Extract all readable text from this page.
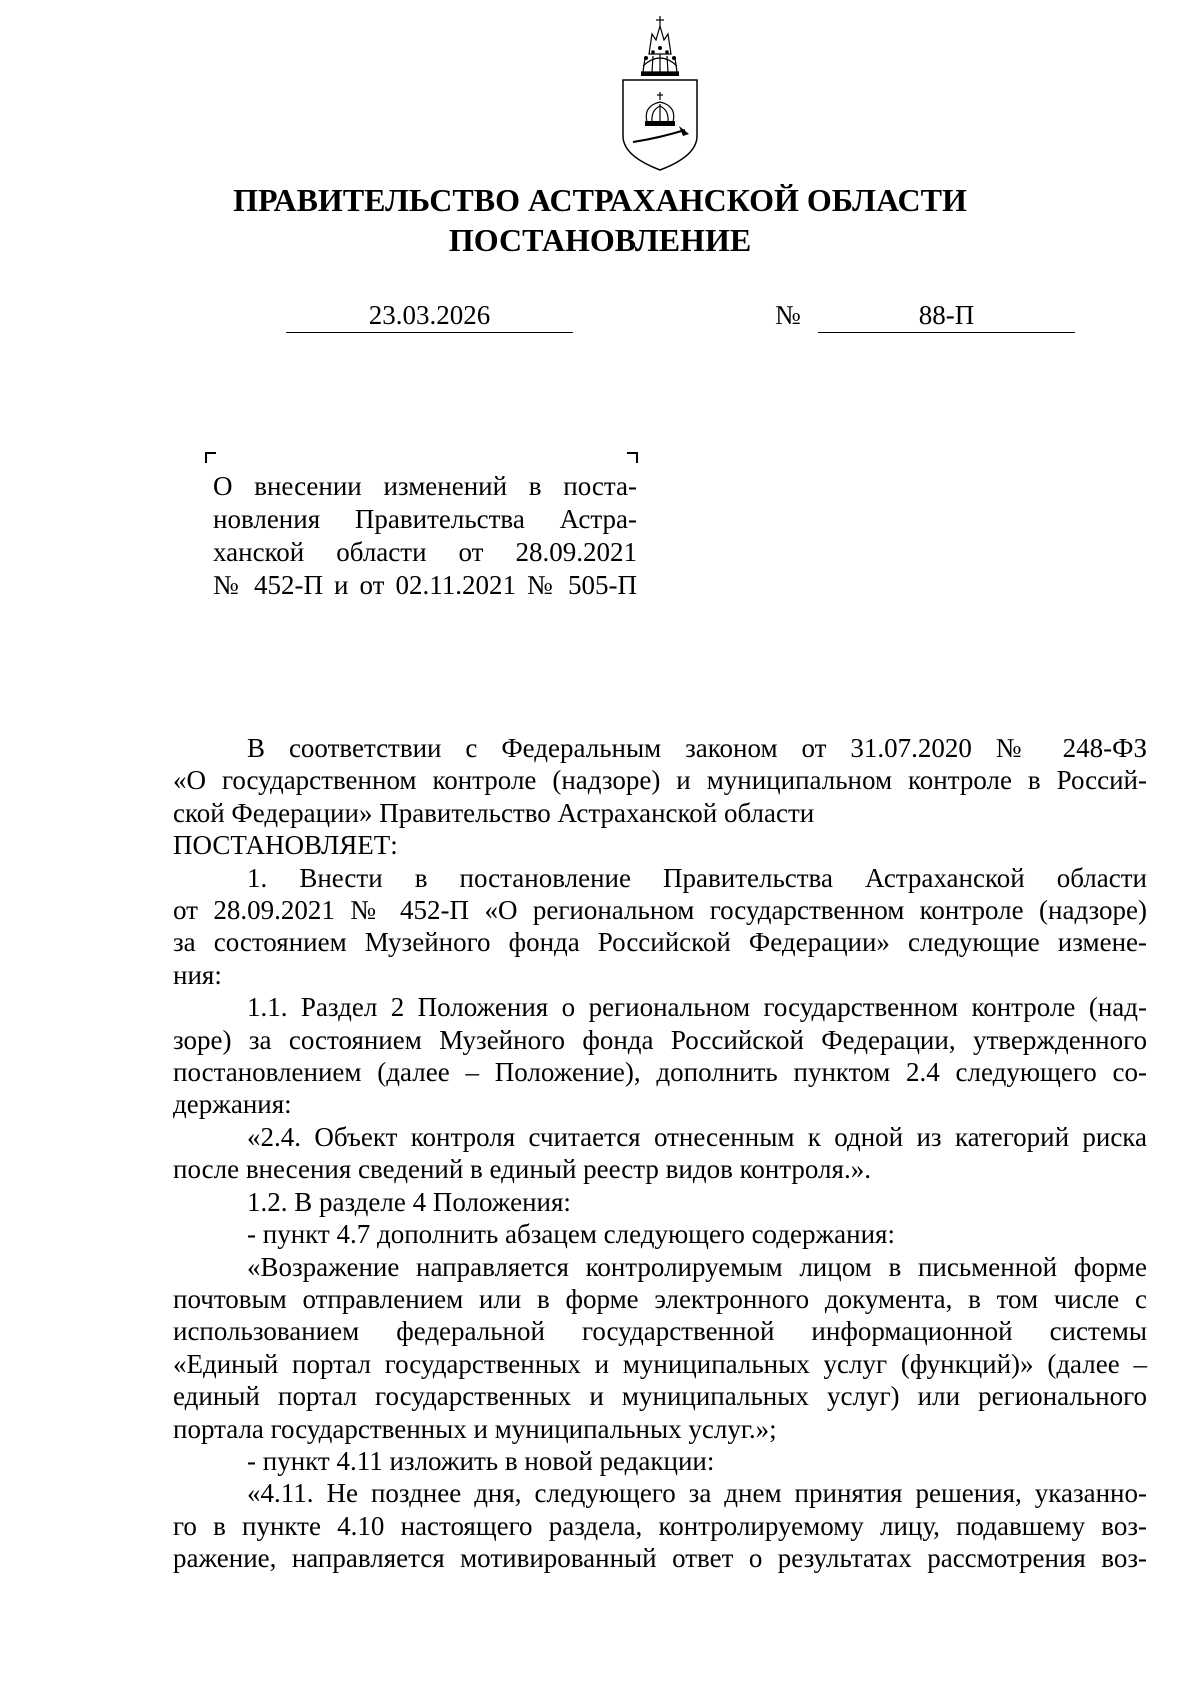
ПРАВИТЕЛЬСТВО АСТРАХАНСКОЙ ОБЛАСТИ
ПОСТАНОВЛЕНИЕ
23.03.2026	№	88-П
О внесении изменений в поста-
новления Правительства Астра-
ханской области от 28.09.2021
№ 452-П и от 02.11.2021 № 505-П
В соответствии с Федеральным законом от 31.07.2020 № 248-ФЗ
«О государственном контроле (надзоре) и муниципальном контроле в Россий-
ской Федерации» Правительство Астраханской области
ПОСТАНОВЛЯЕТ:
1. Внести в постановление Правительства Астраханской области
от 28.09.2021 № 452-П «О региональном государственном контроле (надзоре)
за состоянием Музейного фонда Российской Федерации» следующие измене-
ния:
1.1. Раздел 2 Положения о региональном государственном контроле (над-
зоре) за состоянием Музейного фонда Российской Федерации, утвержденного
постановлением (далее – Положение), дополнить пунктом 2.4 следующего со-
держания:
«2.4. Объект контроля считается отнесенным к одной из категорий риска
после внесения сведений в единый реестр видов контроля.».
1.2. В разделе 4 Положения:
- пункт 4.7 дополнить абзацем следующего содержания:
«Возражение направляется контролируемым лицом в письменной форме
почтовым отправлением или в форме электронного документа, в том числе с
использованием федеральной государственной информационной системы
«Единый портал государственных и муниципальных услуг (функций)» (далее –
единый портал государственных и муниципальных услуг) или регионального
портала государственных и муниципальных услуг.»;
- пункт 4.11 изложить в новой редакции:
«4.11. Не позднее дня, следующего за днем принятия решения, указанно-
го в пункте 4.10 настоящего раздела, контролируемому лицу, подавшему воз-
ражение, направляется мотивированный ответ о результатах рассмотрения воз-
